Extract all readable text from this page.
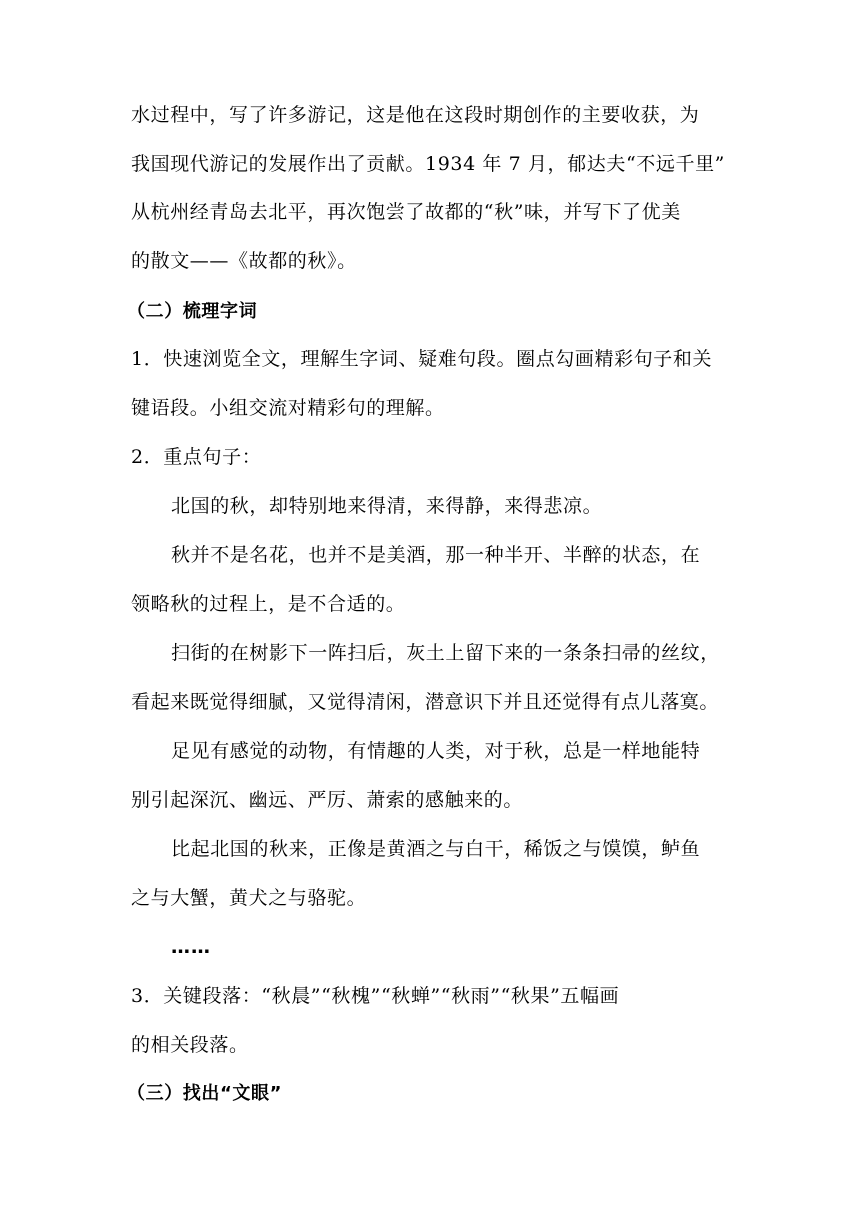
水过程中，写了许多游记，这是他在这段时期创作的主要收获，为
我国现代游记的发展作出了贡献。1934 年 7 月，郁达夫“不远千里”
从杭州经青岛去北平，再次饱尝了故都的“秋”味，并写下了优美
的散文——《故都的秋》。
（二）梳理字词
1．快速浏览全文，理解生字词、疑难句段。圈点勾画精彩句子和关
键语段。小组交流对精彩句的理解。
2．重点句子：
北国的秋，却特别地来得清，来得静，来得悲凉。
秋并不是名花，也并不是美酒，那一种半开、半醉的状态，在
领略秋的过程上，是不合适的。
扫街的在树影下一阵扫后，灰土上留下来的一条条扫帚的丝纹，
看起来既觉得细腻，又觉得清闲，潜意识下并且还觉得有点儿落寞。
足见有感觉的动物，有情趣的人类，对于秋，总是一样地能特
别引起深沉、幽远、严厉、萧索的感触来的。
比起北国的秋来，正像是黄酒之与白干，稀饭之与馍馍，鲈鱼
之与大蟹，黄犬之与骆驼。
……
3．关键段落：“秋晨”“秋槐”“秋蝉”“秋雨”“秋果”五幅画
的相关段落。
（三）找出“文眼”
